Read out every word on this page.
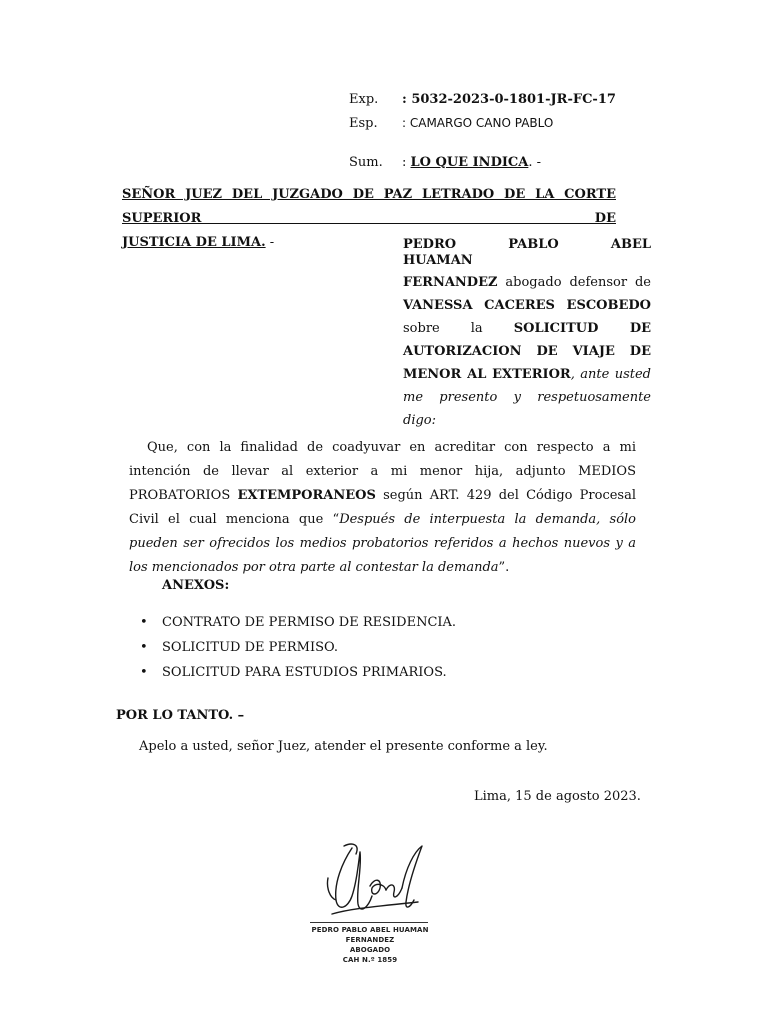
Exp.	: 5032-2023-0-1801-JR-FC-17
Esp.	: CAMARGO CANO PABLO
Sum.	: LO QUE INDICA. -
SEÑOR JUEZ DEL JUZGADO DE PAZ LETRADO DE LA CORTE SUPERIOR DE
JUSTICIA DE LIMA. -	PEDRO	PABLO	ABEL
HUAMAN
FERNANDEZ abogado defensor de VANESSA CACERES ESCOBEDO sobre la SOLICITUD DE AUTORIZACION DE VIAJE DE MENOR AL EXTERIOR, ante usted me presento y respetuosamente digo:
Que, con la finalidad de coadyuvar en acreditar con respecto a mi intención de llevar al exterior a mi menor hija, adjunto MEDIOS PROBATORIOS EXTEMPORANEOS según ART. 429 del Código Procesal Civil el cual menciona que “Después de interpuesta la demanda, sólo pueden ser ofrecidos los medios probatorios referidos a hechos nuevos y a los mencionados por otra parte al contestar la demanda”.
ANEXOS:
•	CONTRATO DE PERMISO DE RESIDENCIA.
•	SOLICITUD DE PERMISO.
•	SOLICITUD PARA ESTUDIOS PRIMARIOS.
POR LO TANTO. –
Apelo a usted, señor Juez, atender el presente conforme a ley.
Lima, 15 de agosto 2023.
PEDRO PABLO ABEL HUAMAN
FERNANDEZ
ABOGADO
CAH N.º 1859
